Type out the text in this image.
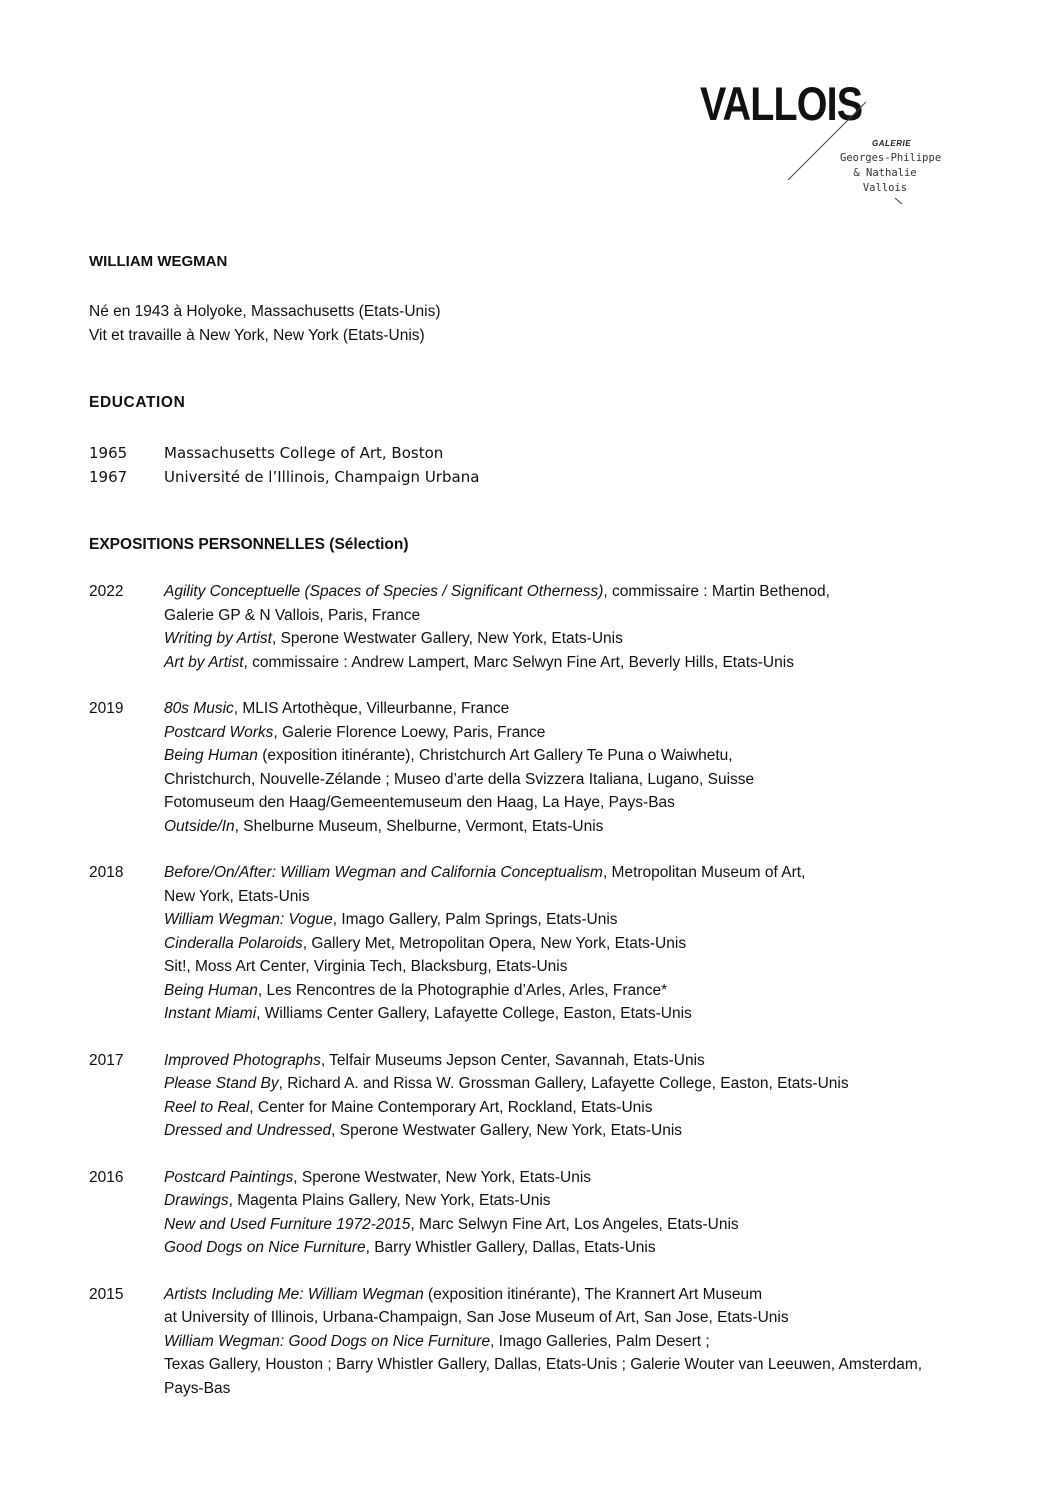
VALLOIS
GALERIE
Georges-Philippe
& Nathalie
Vallois
WILLIAM WEGMAN
Né en 1943 à Holyoke, Massachusetts (Etats-Unis)
Vit et travaille à New York, New York (Etats-Unis)
EDUCATION
1965	Massachusetts College of Art, Boston
1967	Université de l’Illinois, Champaign Urbana
EXPOSITIONS PERSONNELLES (Sélection)
2022	Agility Conceptuelle (Spaces of Species / Significant Otherness), commissaire : Martin Bethenod,
Galerie GP & N Vallois, Paris, France
Writing by Artist, Sperone Westwater Gallery, New York, Etats-Unis
Art by Artist, commissaire : Andrew Lampert, Marc Selwyn Fine Art, Beverly Hills, Etats-Unis
2019	80s Music, MLIS Artothèque, Villeurbanne, France
Postcard Works, Galerie Florence Loewy, Paris, France
Being Human (exposition itinérante), Christchurch Art Gallery Te Puna o Waiwhetu,
Christchurch, Nouvelle-Zélande ; Museo d’arte della Svizzera Italiana, Lugano, Suisse
Fotomuseum den Haag/Gemeentemuseum den Haag, La Haye, Pays-Bas
Outside/In, Shelburne Museum, Shelburne, Vermont, Etats-Unis
2018	Before/On/After: William Wegman and California Conceptualism, Metropolitan Museum of Art,
New York, Etats-Unis
William Wegman: Vogue, Imago Gallery, Palm Springs, Etats-Unis
Cinderalla Polaroids, Gallery Met, Metropolitan Opera, New York, Etats-Unis
Sit!, Moss Art Center, Virginia Tech, Blacksburg, Etats-Unis
Being Human, Les Rencontres de la Photographie d’Arles, Arles, France*
Instant Miami, Williams Center Gallery, Lafayette College, Easton, Etats-Unis
2017	Improved Photographs, Telfair Museums Jepson Center, Savannah, Etats-Unis
Please Stand By, Richard A. and Rissa W. Grossman Gallery, Lafayette College, Easton, Etats-Unis
Reel to Real, Center for Maine Contemporary Art, Rockland, Etats-Unis
Dressed and Undressed, Sperone Westwater Gallery, New York, Etats-Unis
2016	Postcard Paintings, Sperone Westwater, New York, Etats-Unis
Drawings, Magenta Plains Gallery, New York, Etats-Unis
New and Used Furniture 1972-2015, Marc Selwyn Fine Art, Los Angeles, Etats-Unis
Good Dogs on Nice Furniture, Barry Whistler Gallery, Dallas, Etats-Unis
2015	Artists Including Me: William Wegman (exposition itinérante), The Krannert Art Museum
at University of Illinois, Urbana-Champaign, San Jose Museum of Art, San Jose, Etats-Unis
William Wegman: Good Dogs on Nice Furniture, Imago Galleries, Palm Desert ;
Texas Gallery, Houston ; Barry Whistler Gallery, Dallas, Etats-Unis ; Galerie Wouter van Leeuwen, Amsterdam,
Pays-Bas
